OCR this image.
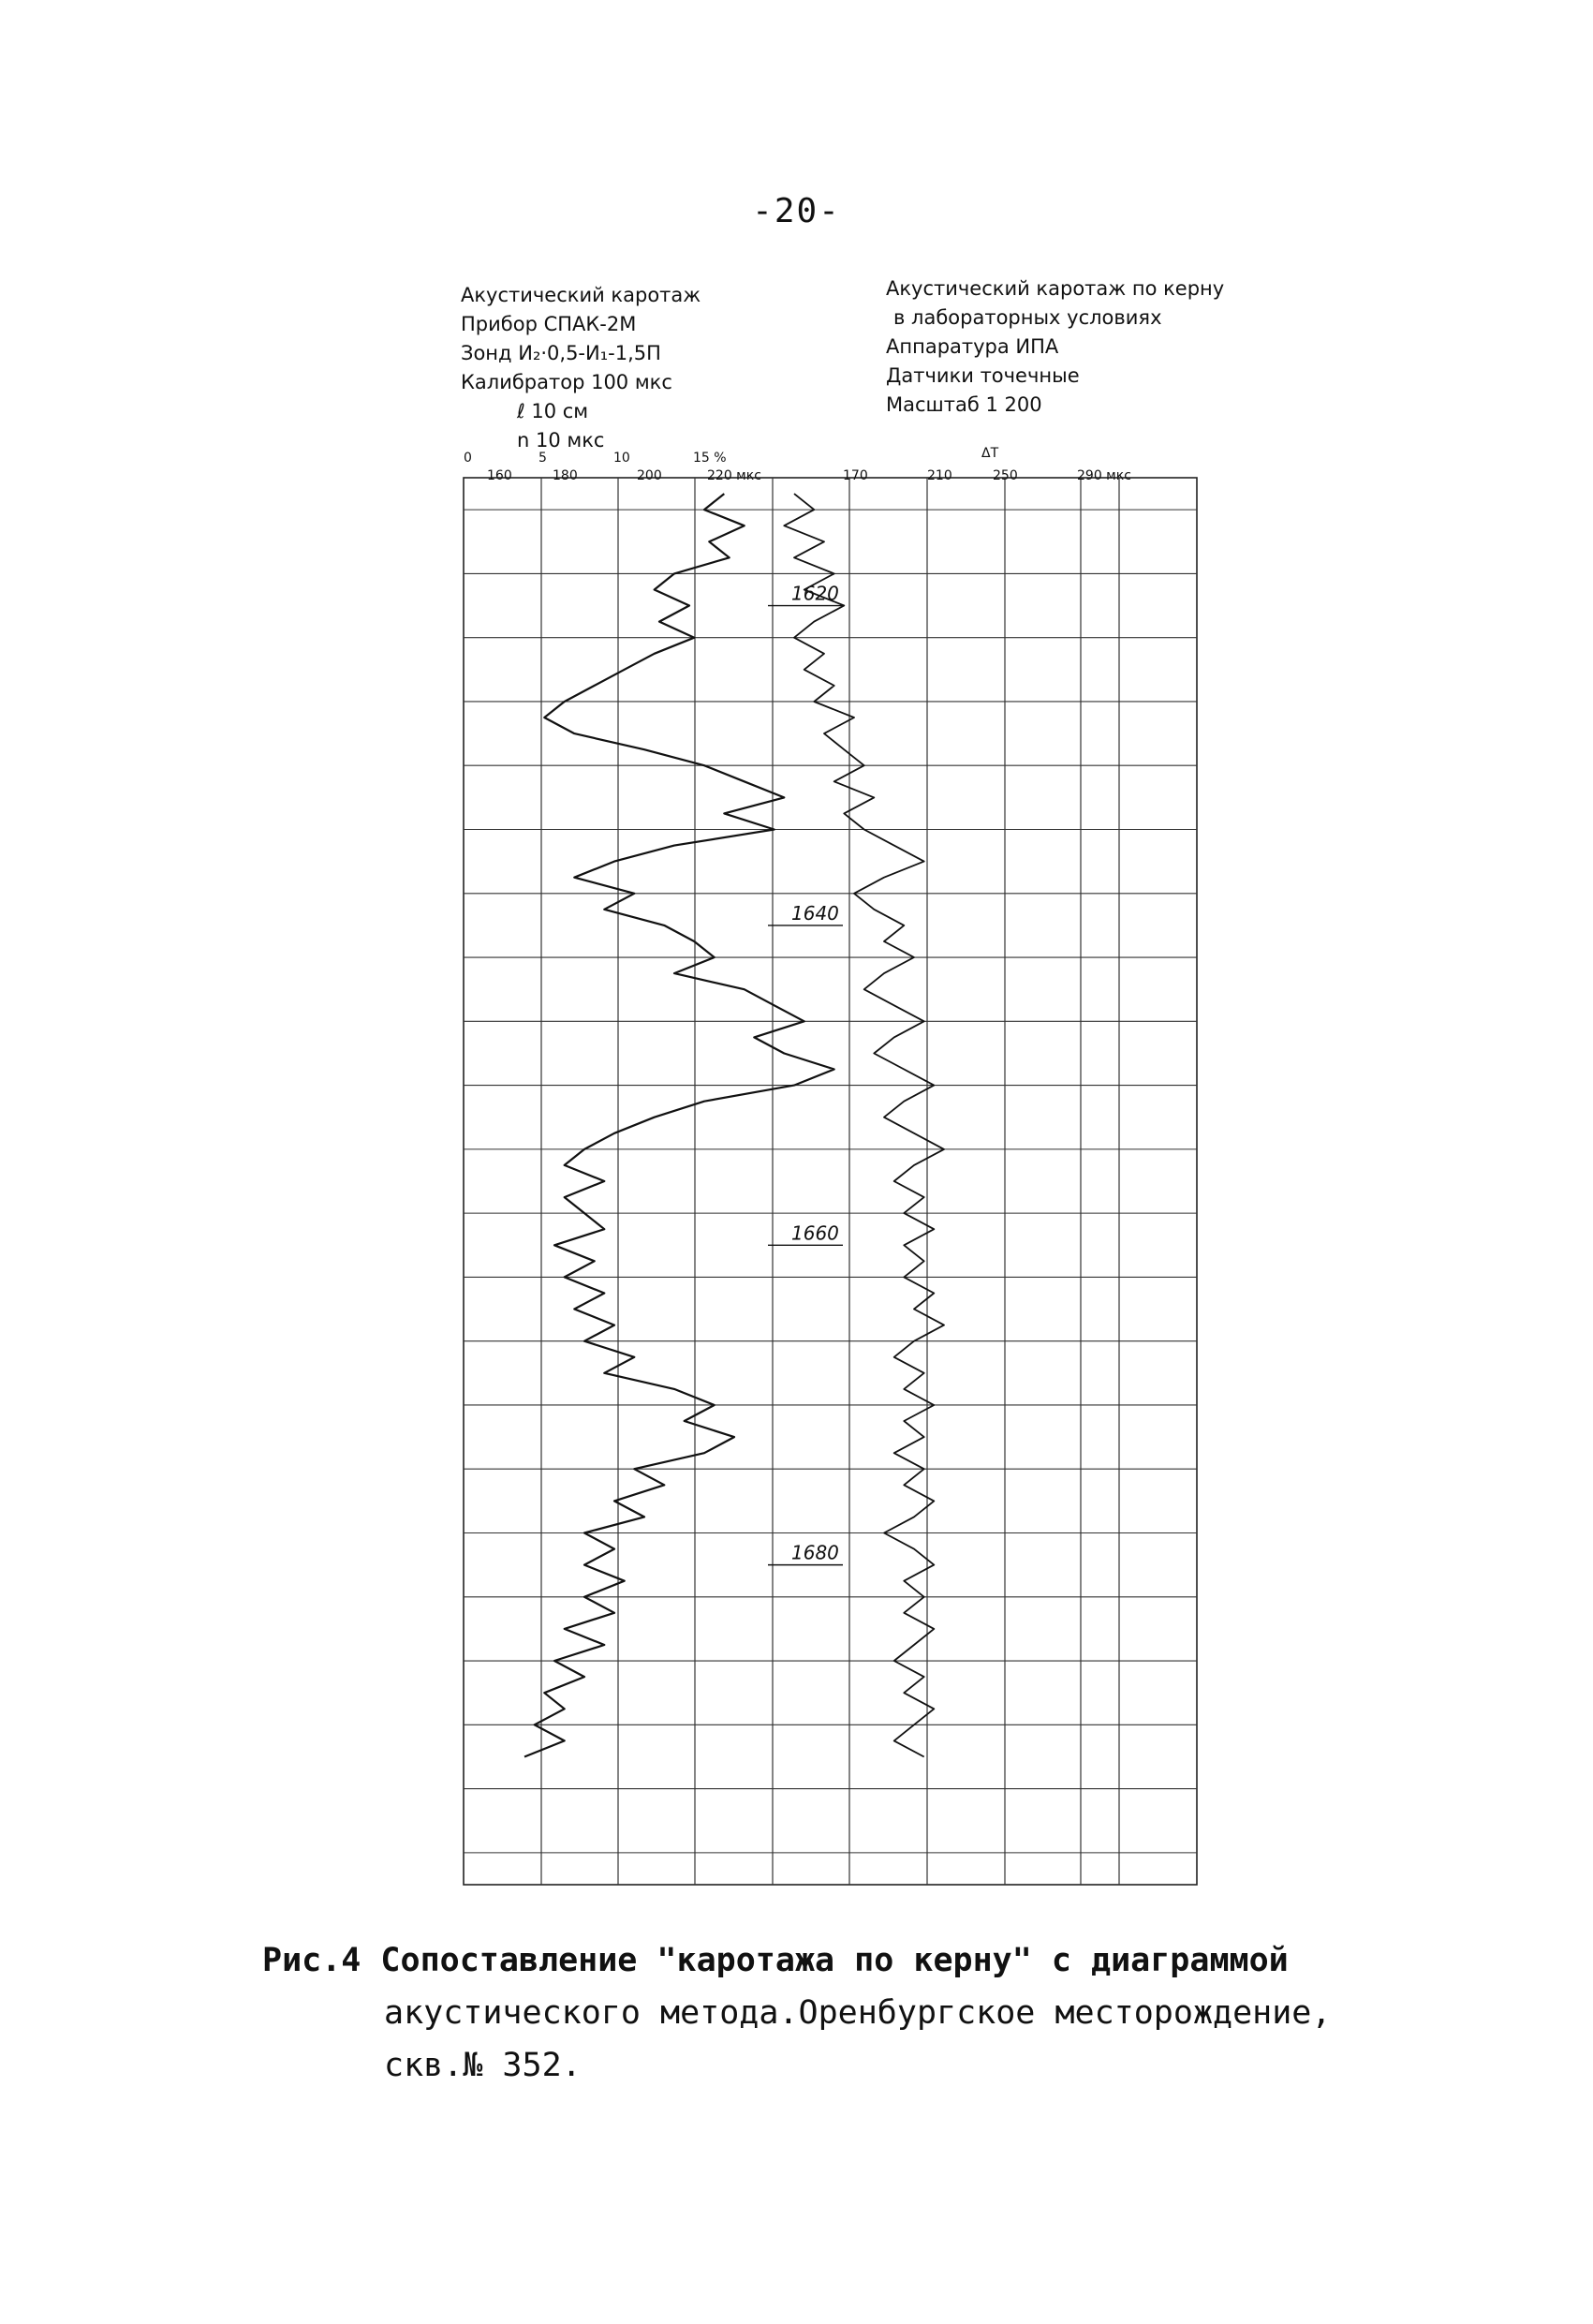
-20-
Акустический каротаж
Прибор СПАК-2М
Зонд И₂·0,5-И₁-1,5П
Калибратор 100 мкс
ℓ 10 см
n 10 мкс
Акустический каротаж по керну
в лабораторных условиях
Аппаратура ИПА
Датчики точечные
Масштаб 1 200
0	5	10	15 %
160	180	200	220 мкс	170	210	250	290 мкс
ΔT
1620
1640
1660
1680
Рис.4 Сопоставление "каротажа по керну" с диаграммой
акустического метода.Оренбургское месторождение,
скв.№ 352.
